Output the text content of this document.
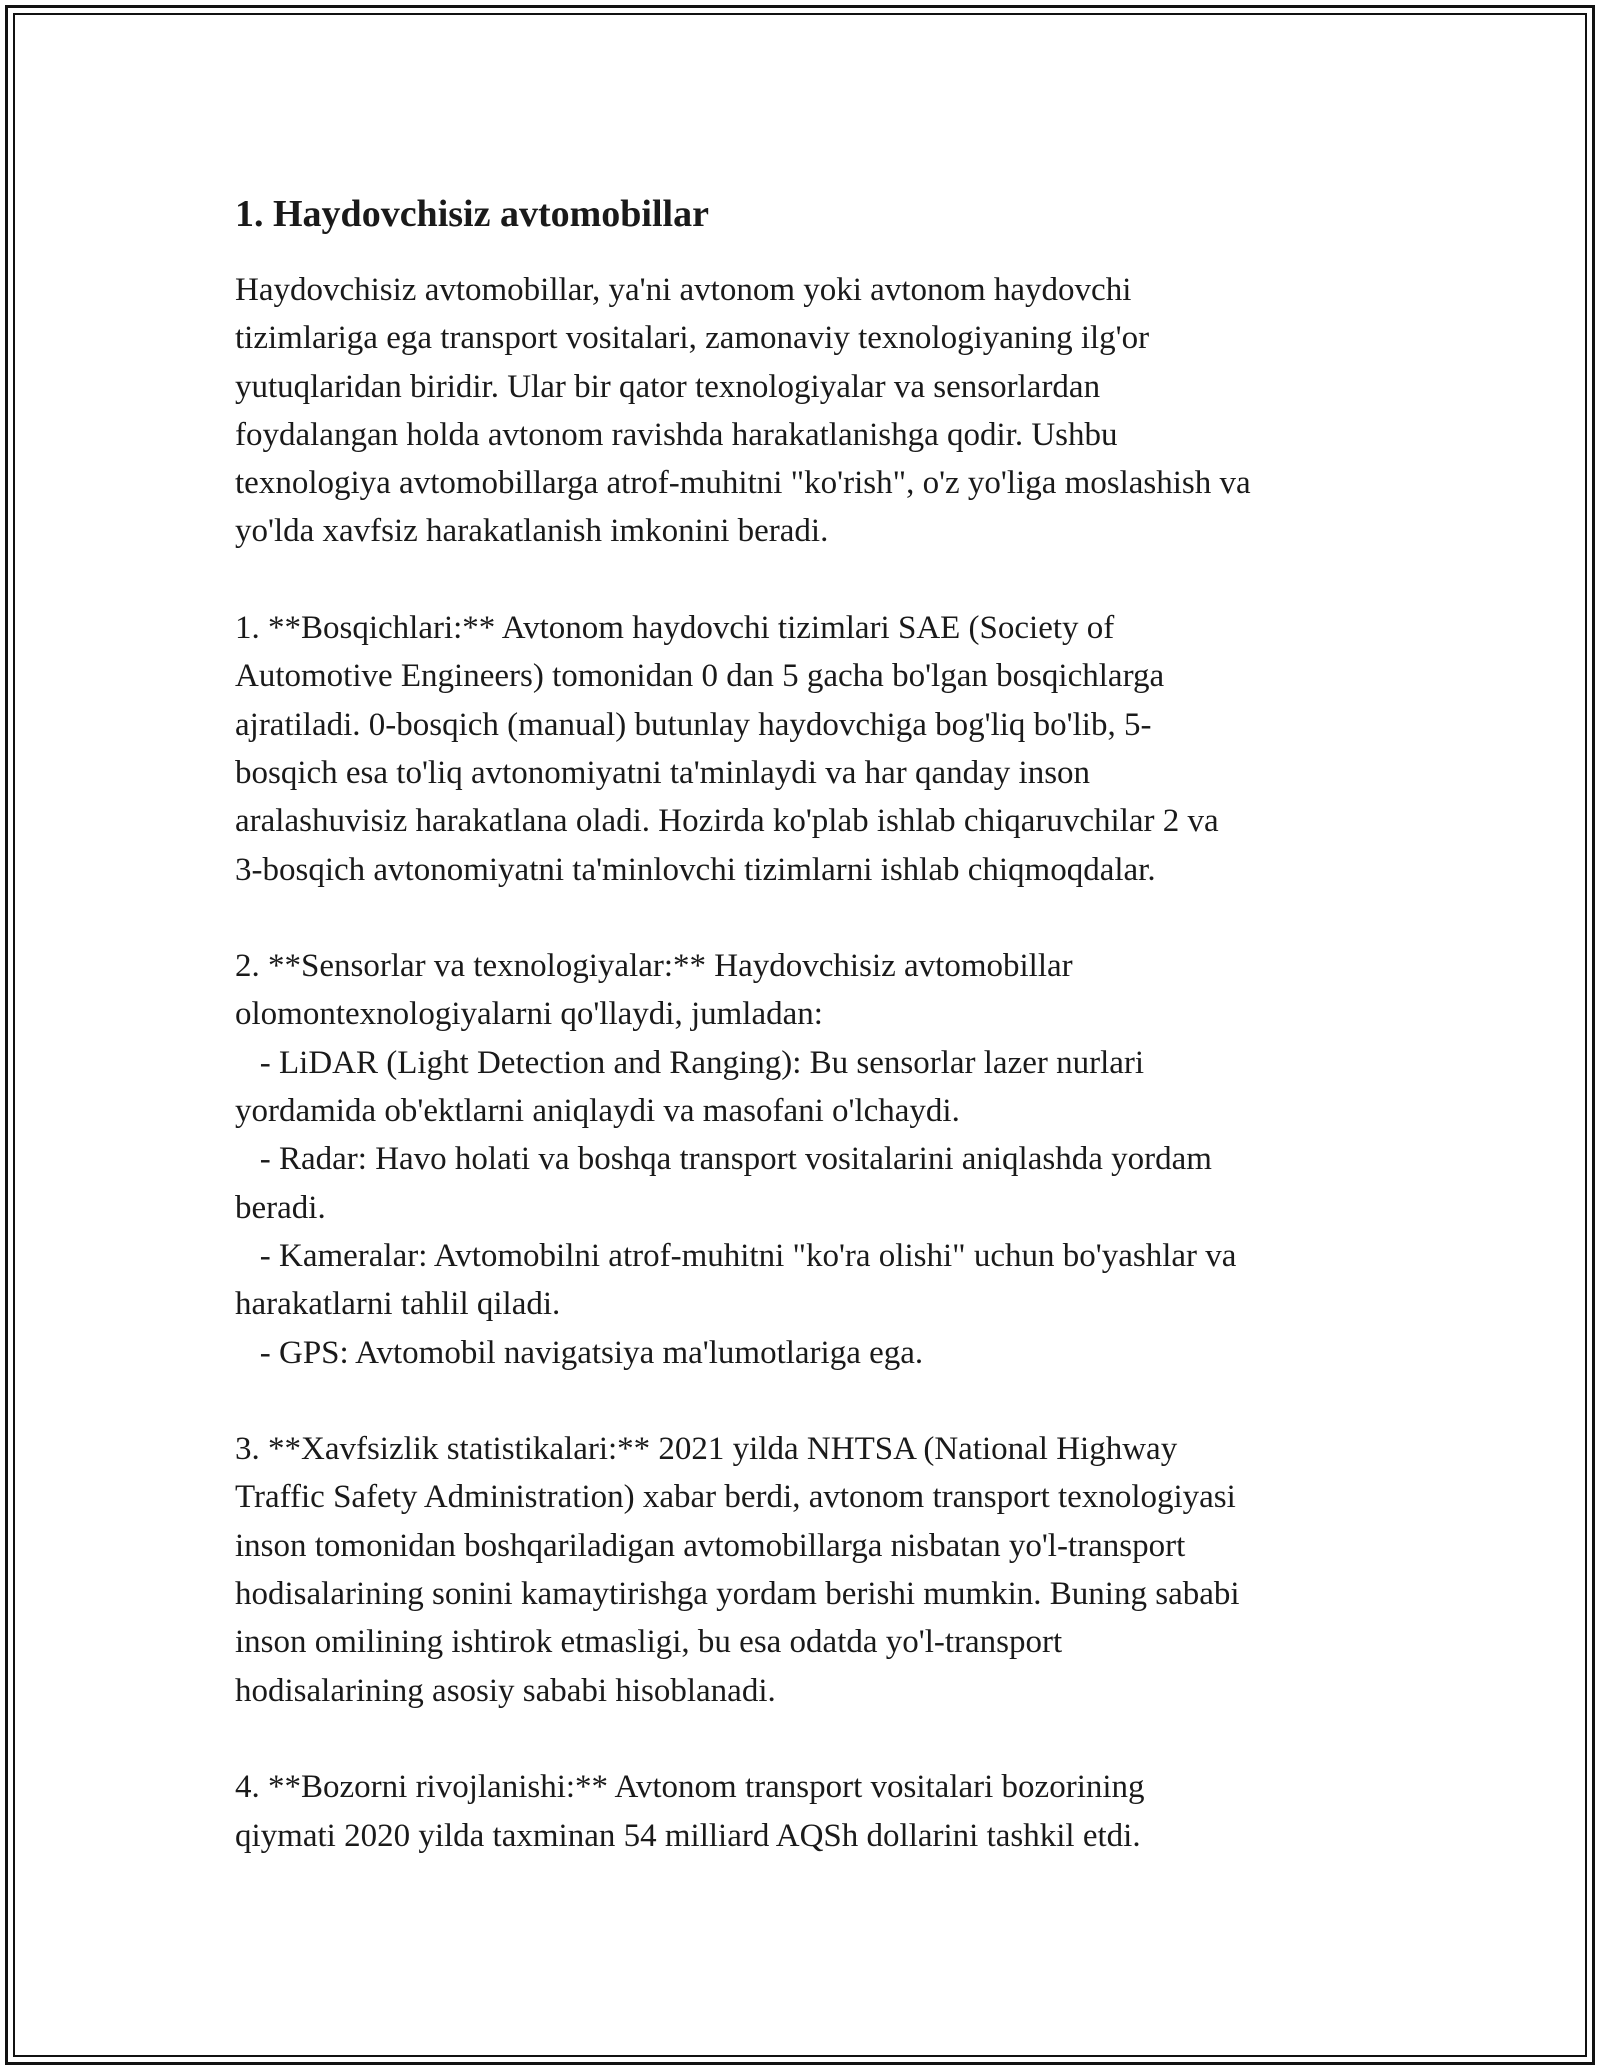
1. Haydovchisiz avtomobillar

Haydovchisiz avtomobillar, ya'ni avtonom yoki avtonom haydovchi
tizimlariga ega transport vositalari, zamonaviy texnologiyaning ilg'or
yutuqlaridan biridir. Ular bir qator texnologiyalar va sensorlardan
foydalangan holda avtonom ravishda harakatlanishga qodir. Ushbu
texnologiya avtomobillarga atrof-muhitni "ko'rish", o'z yo'liga moslashish va
yo'lda xavfsiz harakatlanish imkonini beradi.

1. **Bosqichlari:** Avtonom haydovchi tizimlari SAE (Society of
Automotive Engineers) tomonidan 0 dan 5 gacha bo'lgan bosqichlarga
ajratiladi. 0-bosqich (manual) butunlay haydovchiga bog'liq bo'lib, 5-
bosqich esa to'liq avtonomiyatni ta'minlaydi va har qanday inson
aralashuvisiz harakatlana oladi. Hozirda ko'plab ishlab chiqaruvchilar 2 va
3-bosqich avtonomiyatni ta'minlovchi tizimlarni ishlab chiqmoqdalar.

2. **Sensorlar va texnologiyalar:** Haydovchisiz avtomobillar
olomontexnologiyalarni qo'llaydi, jumladan:
- LiDAR (Light Detection and Ranging): Bu sensorlar lazer nurlari
yordamida ob'ektlarni aniqlaydi va masofani o'lchaydi.
- Radar: Havo holati va boshqa transport vositalarini aniqlashda yordam
beradi.
- Kameralar: Avtomobilni atrof-muhitni "ko'ra olishi" uchun bo'yashlar va
harakatlarni tahlil qiladi.
- GPS: Avtomobil navigatsiya ma'lumotlariga ega.

3. **Xavfsizlik statistikalari:** 2021 yilda NHTSA (National Highway
Traffic Safety Administration) xabar berdi, avtonom transport texnologiyasi
inson tomonidan boshqariladigan avtomobillarga nisbatan yo'l-transport
hodisalarining sonini kamaytirishga yordam berishi mumkin. Buning sababi
inson omilining ishtirok etmasligi, bu esa odatda yo'l-transport
hodisalarining asosiy sababi hisoblanadi.

4. **Bozorni rivojlanishi:** Avtonom transport vositalari bozorining
qiymati 2020 yilda taxminan 54 milliard AQSh dollarini tashkil etdi.
